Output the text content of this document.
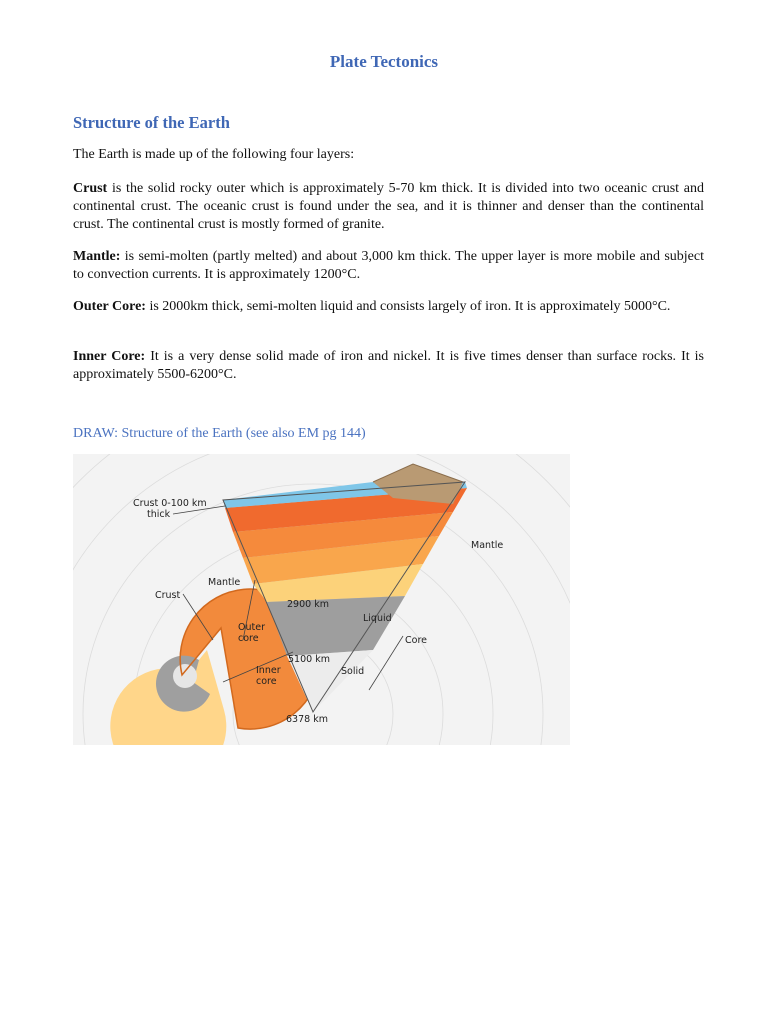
Plate Tectonics
Structure of the Earth

The Earth is made up of the following four layers:

Crust is the solid rocky outer which is approximately 5-70 km thick. It is divided into two oceanic crust and continental crust. The oceanic crust is found under the sea, and it is thinner and denser than the continental crust. The continental crust is mostly formed of granite.

Mantle: is semi-molten (partly melted) and about 3,000 km thick. The upper layer is more mobile and subject to convection currents. It is approximately 1200°C.

Outer Core: is 2000km thick, semi-molten liquid and consists largely of iron. It is approximately 5000°C.

Inner Core: It is a very dense solid made of iron and nickel. It is five times denser than surface rocks. It is approximately 5500-6200°C.

DRAW: Structure of the Earth (see also EM pg 144)

Crust 0-100 km
thick
Mantle
Mantle
Crust
2900 km
Liquid
Outer
core	Core
5100 km
Solid
Inner
core
6378 km
